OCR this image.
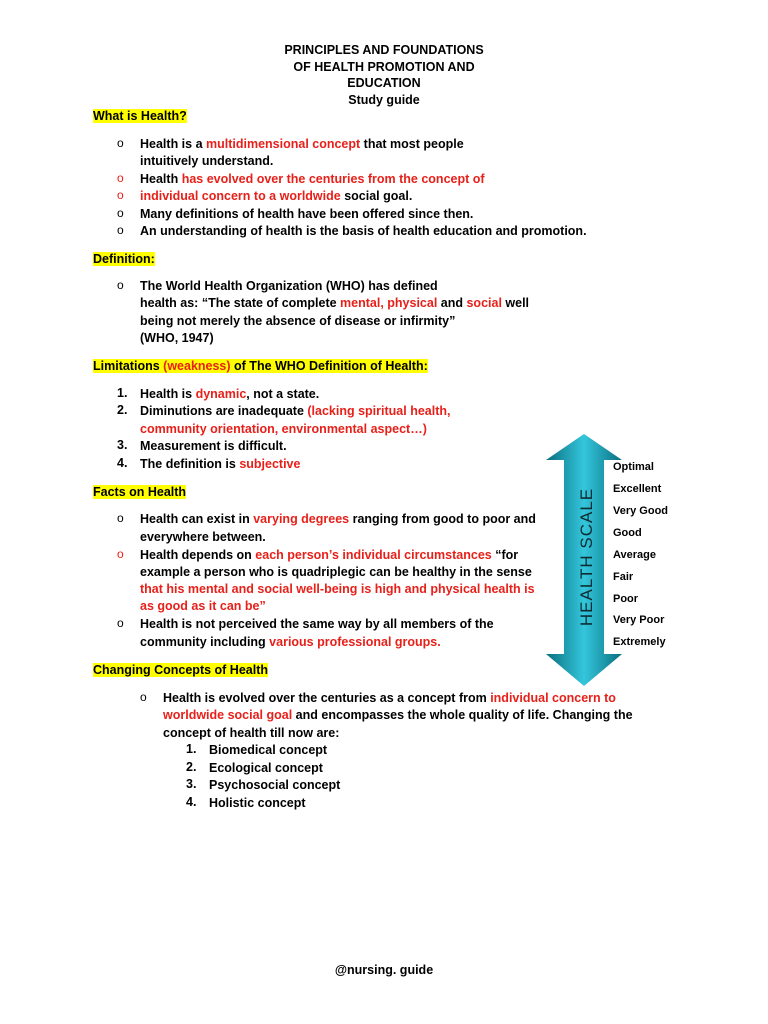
PRINCIPLES AND FOUNDATIONS
OF HEALTH PROMOTION AND
EDUCATION
Study guide
What is Health?
o Health is a multidimensional concept that most people
intuitively understand.
o Health has evolved over the centuries from the concept of
o individual concern to a worldwide social goal.
o Many definitions of health have been offered since then.
o An understanding of health is the basis of health education and promotion.
Definition:
o The World Health Organization (WHO) has defined
health as: “The state of complete mental, physical and social well
being not merely the absence of disease or infirmity”
(WHO, 1947)
Limitations (weakness) of The WHO Definition of Health:
1. Health is dynamic, not a state.
2. Diminutions are inadequate (lacking spiritual health,
community orientation, environmental aspect…)
3. Measurement is difficult.
4. The definition is subjective
Facts on Health
o Health can exist in varying degrees ranging from good to poor and
everywhere between.
o Health depends on each person’s individual circumstances “for
example a person who is quadriplegic can be healthy in the sense
that his mental and social well-being is high and physical health is
as good as it can be”
o Health is not perceived the same way by all members of the
community including various professional groups.
HEALTH SCALE
Optimal
Excellent
Very Good
Good
Average
Fair
Poor
Very Poor
Extremely
Changing Concepts of Health
o Health is evolved over the centuries as a concept from individual concern to
worldwide social goal and encompasses the whole quality of life. Changing the
concept of health till now are:
1. Biomedical concept
2. Ecological concept
3. Psychosocial concept
4. Holistic concept
@nursing. guide
